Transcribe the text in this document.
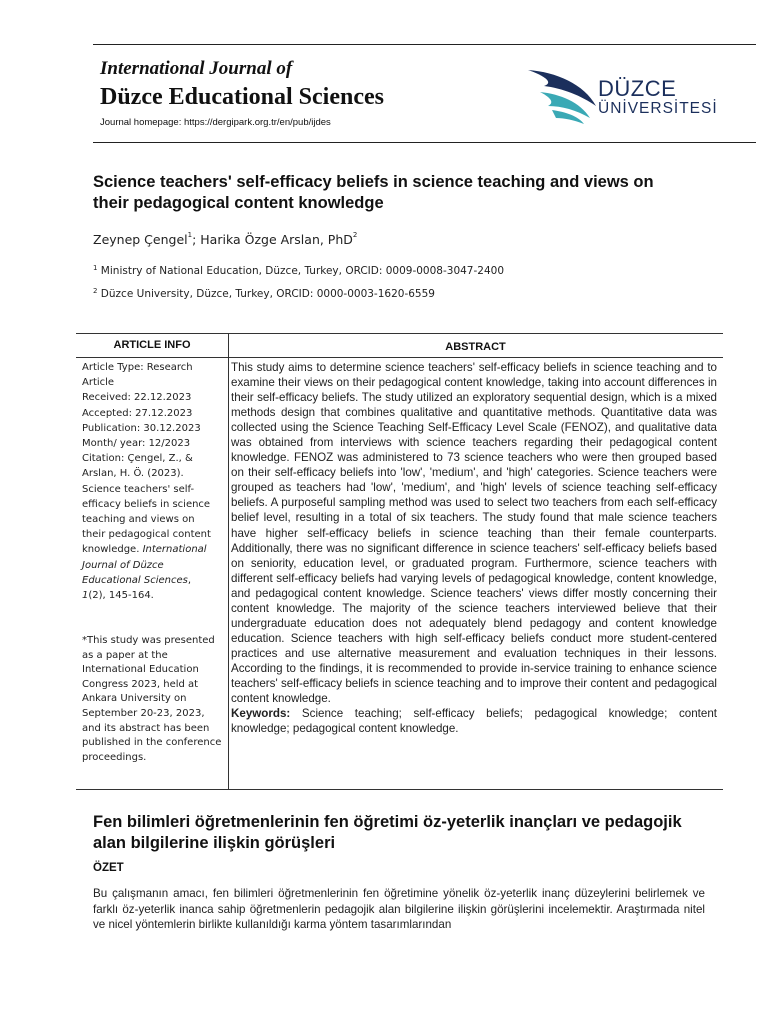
International Journal of
Düzce Educational Sciences
Journal homepage: https://dergipark.org.tr/en/pub/ijdes
DÜZCE
ÜNİVERSİTESİ
Science teachers' self-efficacy beliefs in science teaching and views on their pedagogical content knowledge
Zeynep Çengel$^1$; Harika Özge Arslan, PhD$^2$
$^1$ Ministry of National Education, Düzce, Turkey, ORCID: 0009-0008-3047-2400
$^2$ Düzce University, Düzce, Turkey, ORCID: 0000-0003-1620-6559
ARTICLE INFO	ABSTRACT
Article Type: Research
Article
Received: 22.12.2023
Accepted: 27.12.2023
Publication: 30.12.2023
Month/ year: 12/2023
Citation: Çengel, Z., &
Arslan, H. Ö. (2023).
Science teachers' self-
efficacy beliefs in science
teaching and views on
their pedagogical content
knowledge. International
Journal of Düzce
Educational Sciences,
1(2), 145-164.
*This study was presented as a paper at the International Education Congress 2023, held at Ankara University on September 20-23, 2023, and its abstract has been published in the conference proceedings.

This study aims to determine science teachers' self-efficacy beliefs in science teaching and to examine their views on their pedagogical content knowledge, taking into account differences in their self-efficacy beliefs. The study utilized an exploratory sequential design, which is a mixed methods design that combines qualitative and quantitative methods. Quantitative data was collected using the Science Teaching Self-Efficacy Level Scale (FENOZ), and qualitative data was obtained from interviews with science teachers regarding their pedagogical content knowledge. FENOZ was administered to 73 science teachers who were then grouped based on their self-efficacy beliefs into 'low', 'medium', and 'high' categories. Science teachers were grouped as teachers had 'low', 'medium', and 'high' levels of science teaching self-efficacy beliefs. A purposeful sampling method was used to select two teachers from each self-efficacy belief level, resulting in a total of six teachers. The study found that male science teachers have higher self-efficacy beliefs in science teaching than their female counterparts. Additionally, there was no significant difference in science teachers' self-efficacy beliefs based on seniority, education level, or graduated program. Furthermore, science teachers with different self-efficacy beliefs had varying levels of pedagogical knowledge, content knowledge, and pedagogical content knowledge. Science teachers' views differ mostly concerning their content knowledge. The majority of the science teachers interviewed believe that their undergraduate education does not adequately blend pedagogy and content knowledge education. Science teachers with high self-efficacy beliefs conduct more student-centered practices and use alternative measurement and evaluation techniques in their lessons. According to the findings, it is recommended to provide in-service training to enhance science teachers' self-efficacy beliefs in science teaching and to improve their content and pedagogical content knowledge.

Keywords: Science teaching; self-efficacy beliefs; pedagogical knowledge; content knowledge; pedagogical content knowledge.

Fen bilimleri öğretmenlerinin fen öğretimi öz-yeterlik inançları ve pedagojik alan bilgilerine ilişkin görüşleri
ÖZET
Bu çalışmanın amacı, fen bilimleri öğretmenlerinin fen öğretimine yönelik öz-yeterlik inanç düzeylerini belirlemek ve farklı öz-yeterlik inanca sahip öğretmenlerin pedagojik alan bilgilerine ilişkin görüşlerini incelemektir. Araştırmada nitel ve nicel yöntemlerin birlikte kullanıldığı karma yöntem tasarımlarından
